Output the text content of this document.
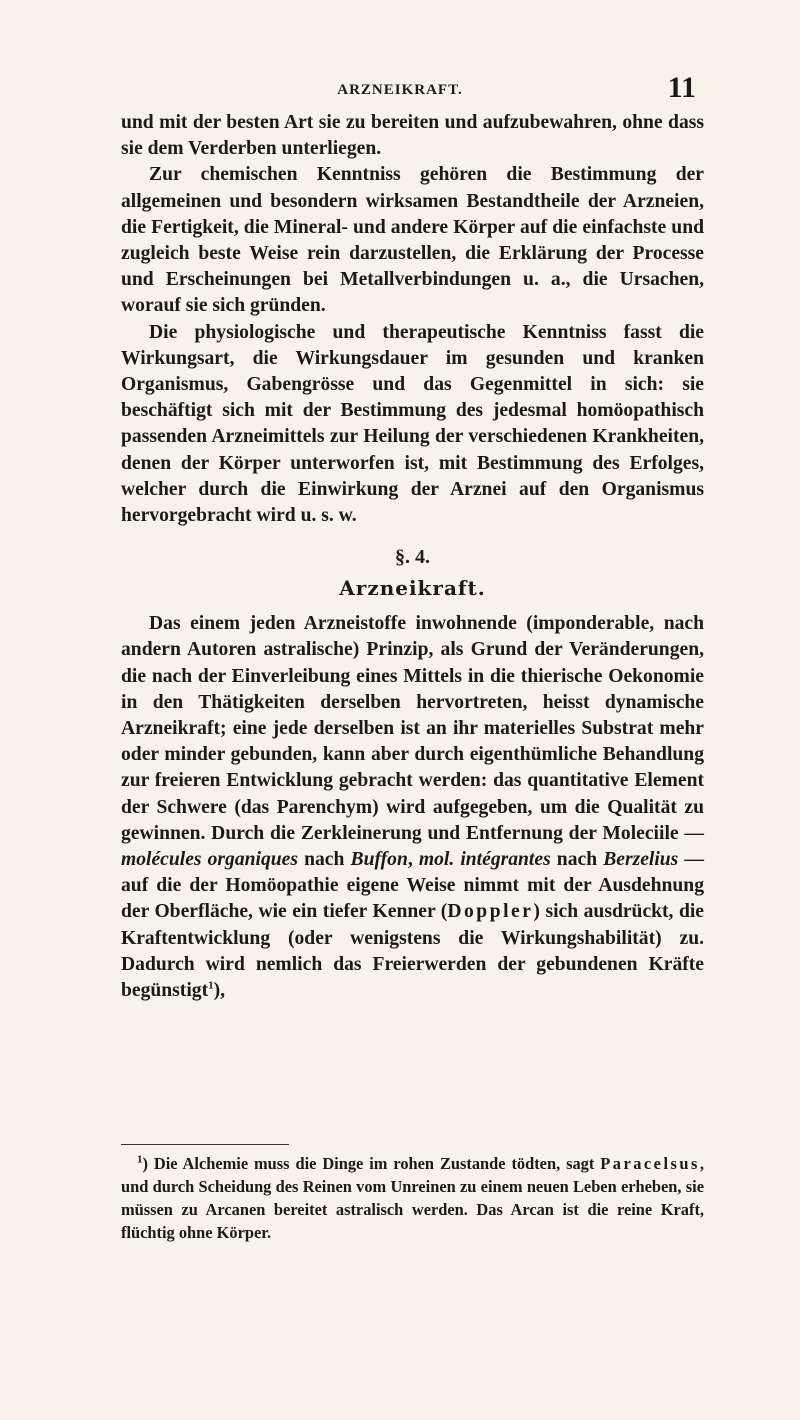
ARZNEIKRAFT.	11

und mit der besten Art sie zu bereiten und aufzubewahren, ohne dass sie dem Verderben unterliegen.

Zur chemischen Kenntniss gehören die Bestimmung der allgemeinen und besondern wirksamen Bestandtheile der Arzneien, die Fertigkeit, die Mineral- und andere Körper auf die einfachste und zugleich beste Weise rein darzustellen, die Erklärung der Processe und Erscheinungen bei Metallverbindungen u. a., die Ursachen, worauf sie sich gründen.

Die physiologische und therapeutische Kenntniss fasst die Wirkungsart, die Wirkungsdauer im gesunden und kranken Organismus, Gabengrösse und das Gegenmittel in sich: sie beschäftigt sich mit der Bestimmung des jedesmal homöopathisch passenden Arzneimittels zur Heilung der verschiedenen Krankheiten, denen der Körper unterworfen ist, mit Bestimmung des Erfolges, welcher durch die Einwirkung der Arznei auf den Organismus hervorgebracht wird u. s. w.

§. 4.
Arzneikraft.

Das einem jeden Arzneistoffe inwohnende (imponderable, nach andern Autoren astralische) Prinzip, als Grund der Veränderungen, die nach der Einverleibung eines Mittels in die thierische Oekonomie in den Thätigkeiten derselben hervortreten, heisst dynamische Arzneikraft; eine jede derselben ist an ihr materielles Substrat mehr oder minder gebunden, kann aber durch eigenthümliche Behandlung zur freieren Entwicklung gebracht werden: das quantitative Element der Schwere (das Parenchym) wird aufgegeben, um die Qualität zu gewinnen. Durch die Zerkleinerung und Entfernung der Moleciile — molécules organiques nach Buffon, mol. intégrantes nach Berzelius — auf die der Homöopathie eigene Weise nimmt mit der Ausdehnung der Oberfläche, wie ein tiefer Kenner (Doppler) sich ausdrückt, die Kraftentwicklung (oder wenigstens die Wirkungshabilität) zu. Dadurch wird nemlich das Freierwerden der gebundenen Kräfte begünstigt$^1$),

$^1$) Die Alchemie muss die Dinge im rohen Zustande tödten, sagt Paracelsus, und durch Scheidung des Reinen vom Unreinen zu einem neuen Leben erheben, sie müssen zu Arcanen bereitet astralisch werden. Das Arcan ist die reine Kraft, flüchtig ohne Körper.
